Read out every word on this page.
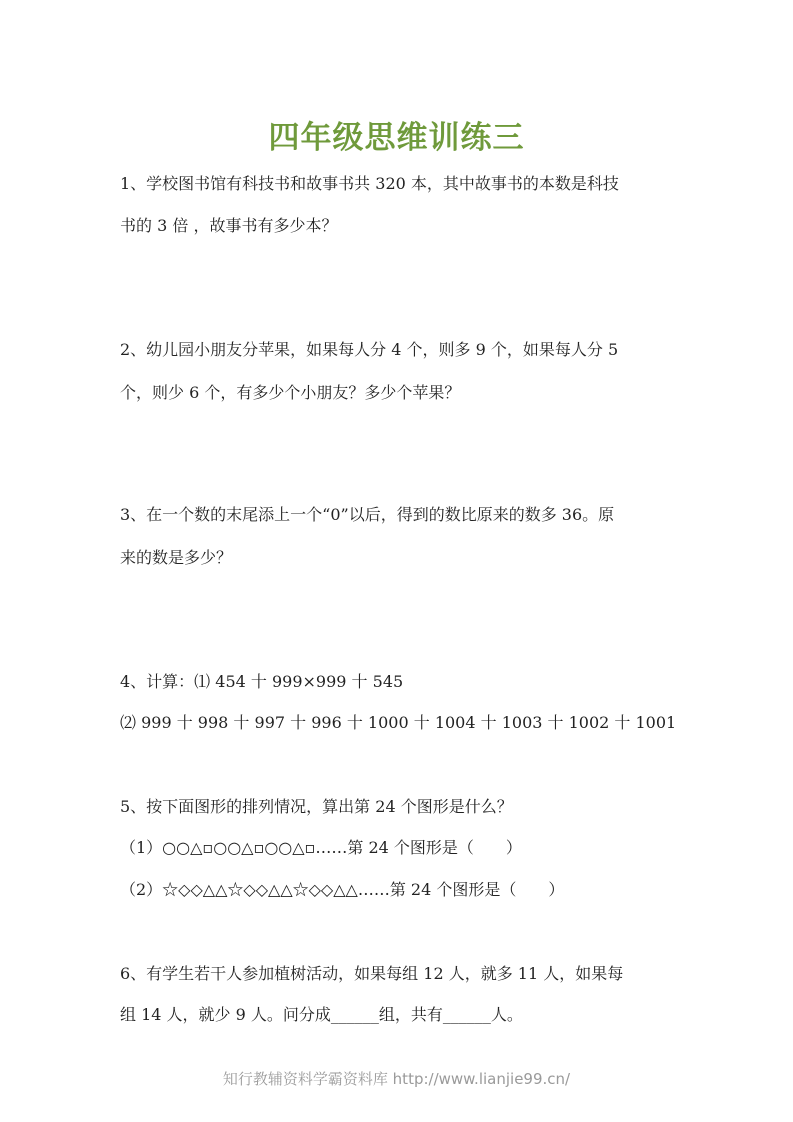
四年级思维训练三
1、学校图书馆有科技书和故事书共 320 本，其中故事书的本数是科技
书的 3 倍 ，故事书有多少本？
2、幼儿园小朋友分苹果，如果每人分 4 个，则多 9 个，如果每人分 5
个，则少 6 个，有多少个小朋友？多少个苹果？
3、在一个数的末尾添上一个“0”以后，得到的数比原来的数多 36。原
来的数是多少？
4、计算：⑴ 454 十 999×999 十 545
⑵ 999 十 998 十 997 十 996 十 1000 十 1004 十 1003 十 1002 十 1001
5、按下面图形的排列情况，算出第 24 个图形是什么？
（1）○○△▫○○△▫○○△▫……第 24 个图形是（　　）
（2）☆◇◇△△☆◇◇△△☆◇◇△△……第 24 个图形是（　　）
6、有学生若干人参加植树活动，如果每组 12 人，就多 11 人，如果每
组 14 人，就少 9 人。问分成______组，共有______人。
知行教辅资料学霸资料库 http://www.lianjie99.cn/
